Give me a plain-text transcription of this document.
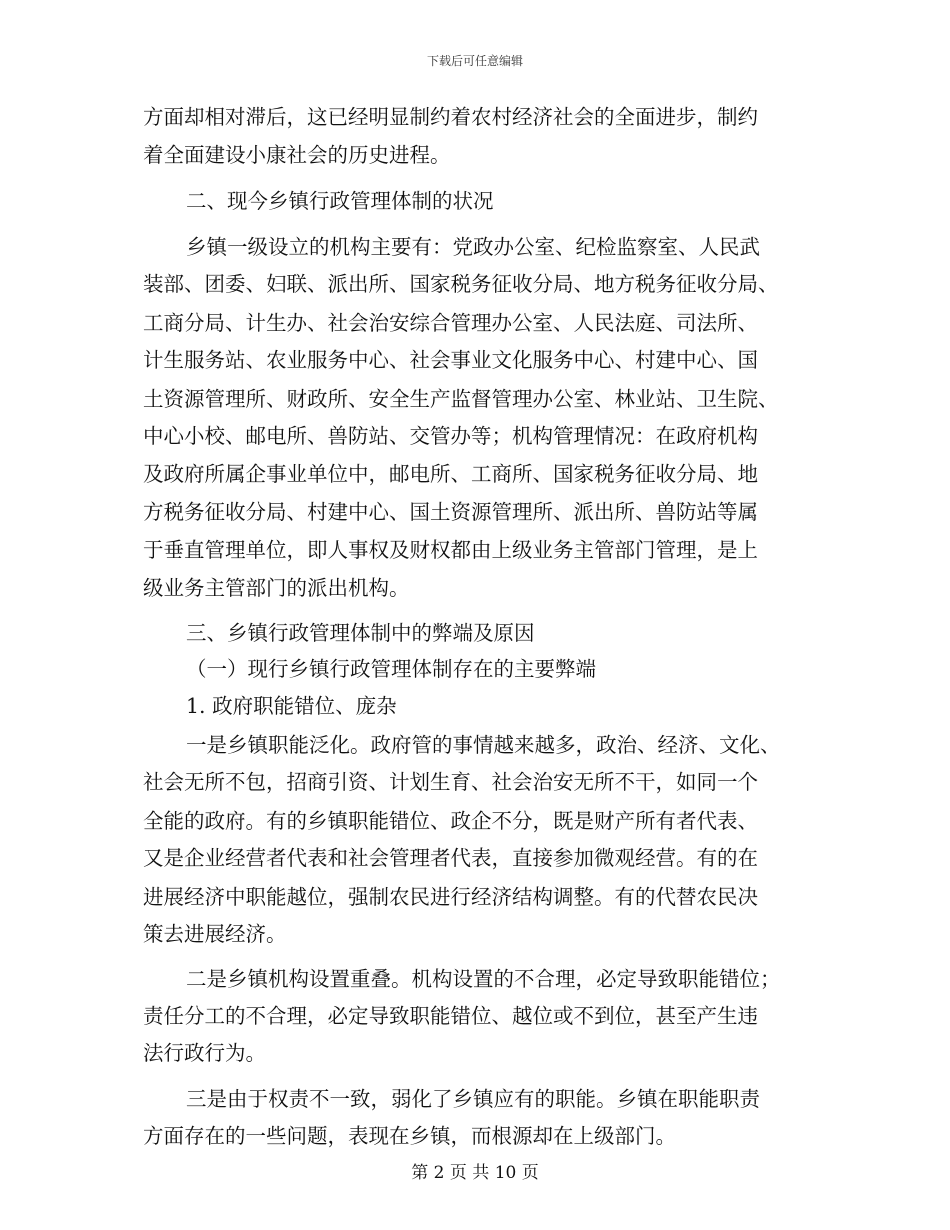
下载后可任意编辑
方面却相对滞后，这已经明显制约着农村经济社会的全面进步，制约
着全面建设小康社会的历史进程。
二、现今乡镇行政管理体制的状况
乡镇一级设立的机构主要有：党政办公室、纪检监察室、人民武
装部、团委、妇联、派出所、国家税务征收分局、地方税务征收分局、
工商分局、计生办、社会治安综合管理办公室、人民法庭、司法所、
计生服务站、农业服务中心、社会事业文化服务中心、村建中心、国
土资源管理所、财政所、安全生产监督管理办公室、林业站、卫生院、
中心小校、邮电所、兽防站、交管办等；机构管理情况：在政府机构
及政府所属企事业单位中，邮电所、工商所、国家税务征收分局、地
方税务征收分局、村建中心、国土资源管理所、派出所、兽防站等属
于垂直管理单位，即人事权及财权都由上级业务主管部门管理，是上
级业务主管部门的派出机构。
三、乡镇行政管理体制中的弊端及原因
（一）现行乡镇行政管理体制存在的主要弊端
1. 政府职能错位、庞杂
一是乡镇职能泛化。政府管的事情越来越多，政治、经济、文化、
社会无所不包，招商引资、计划生育、社会治安无所不干，如同一个
全能的政府。有的乡镇职能错位、政企不分，既是财产所有者代表、
又是企业经营者代表和社会管理者代表，直接参加微观经营。有的在
进展经济中职能越位，强制农民进行经济结构调整。有的代替农民决
策去进展经济。
二是乡镇机构设置重叠。机构设置的不合理，必定导致职能错位；
责任分工的不合理，必定导致职能错位、越位或不到位，甚至产生违
法行政行为。
三是由于权责不一致，弱化了乡镇应有的职能。乡镇在职能职责
方面存在的一些问题，表现在乡镇，而根源却在上级部门。
第 2 页 共 10 页
